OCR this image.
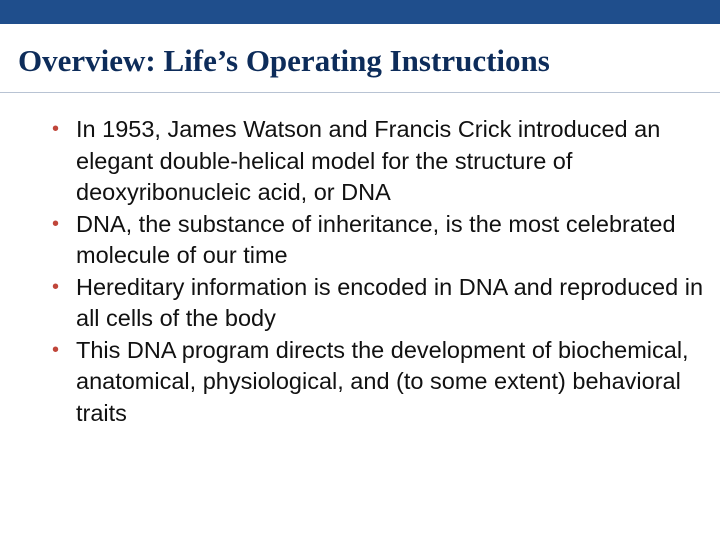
Overview: Life’s Operating Instructions
• In 1953, James Watson and Francis Crick introduced an elegant double-helical model for the structure of deoxyribonucleic acid, or DNA
• DNA, the substance of inheritance, is the most celebrated molecule of our time
• Hereditary information is encoded in DNA and reproduced in all cells of the body
• This DNA program directs the development of biochemical, anatomical, physiological, and (to some extent) behavioral traits
